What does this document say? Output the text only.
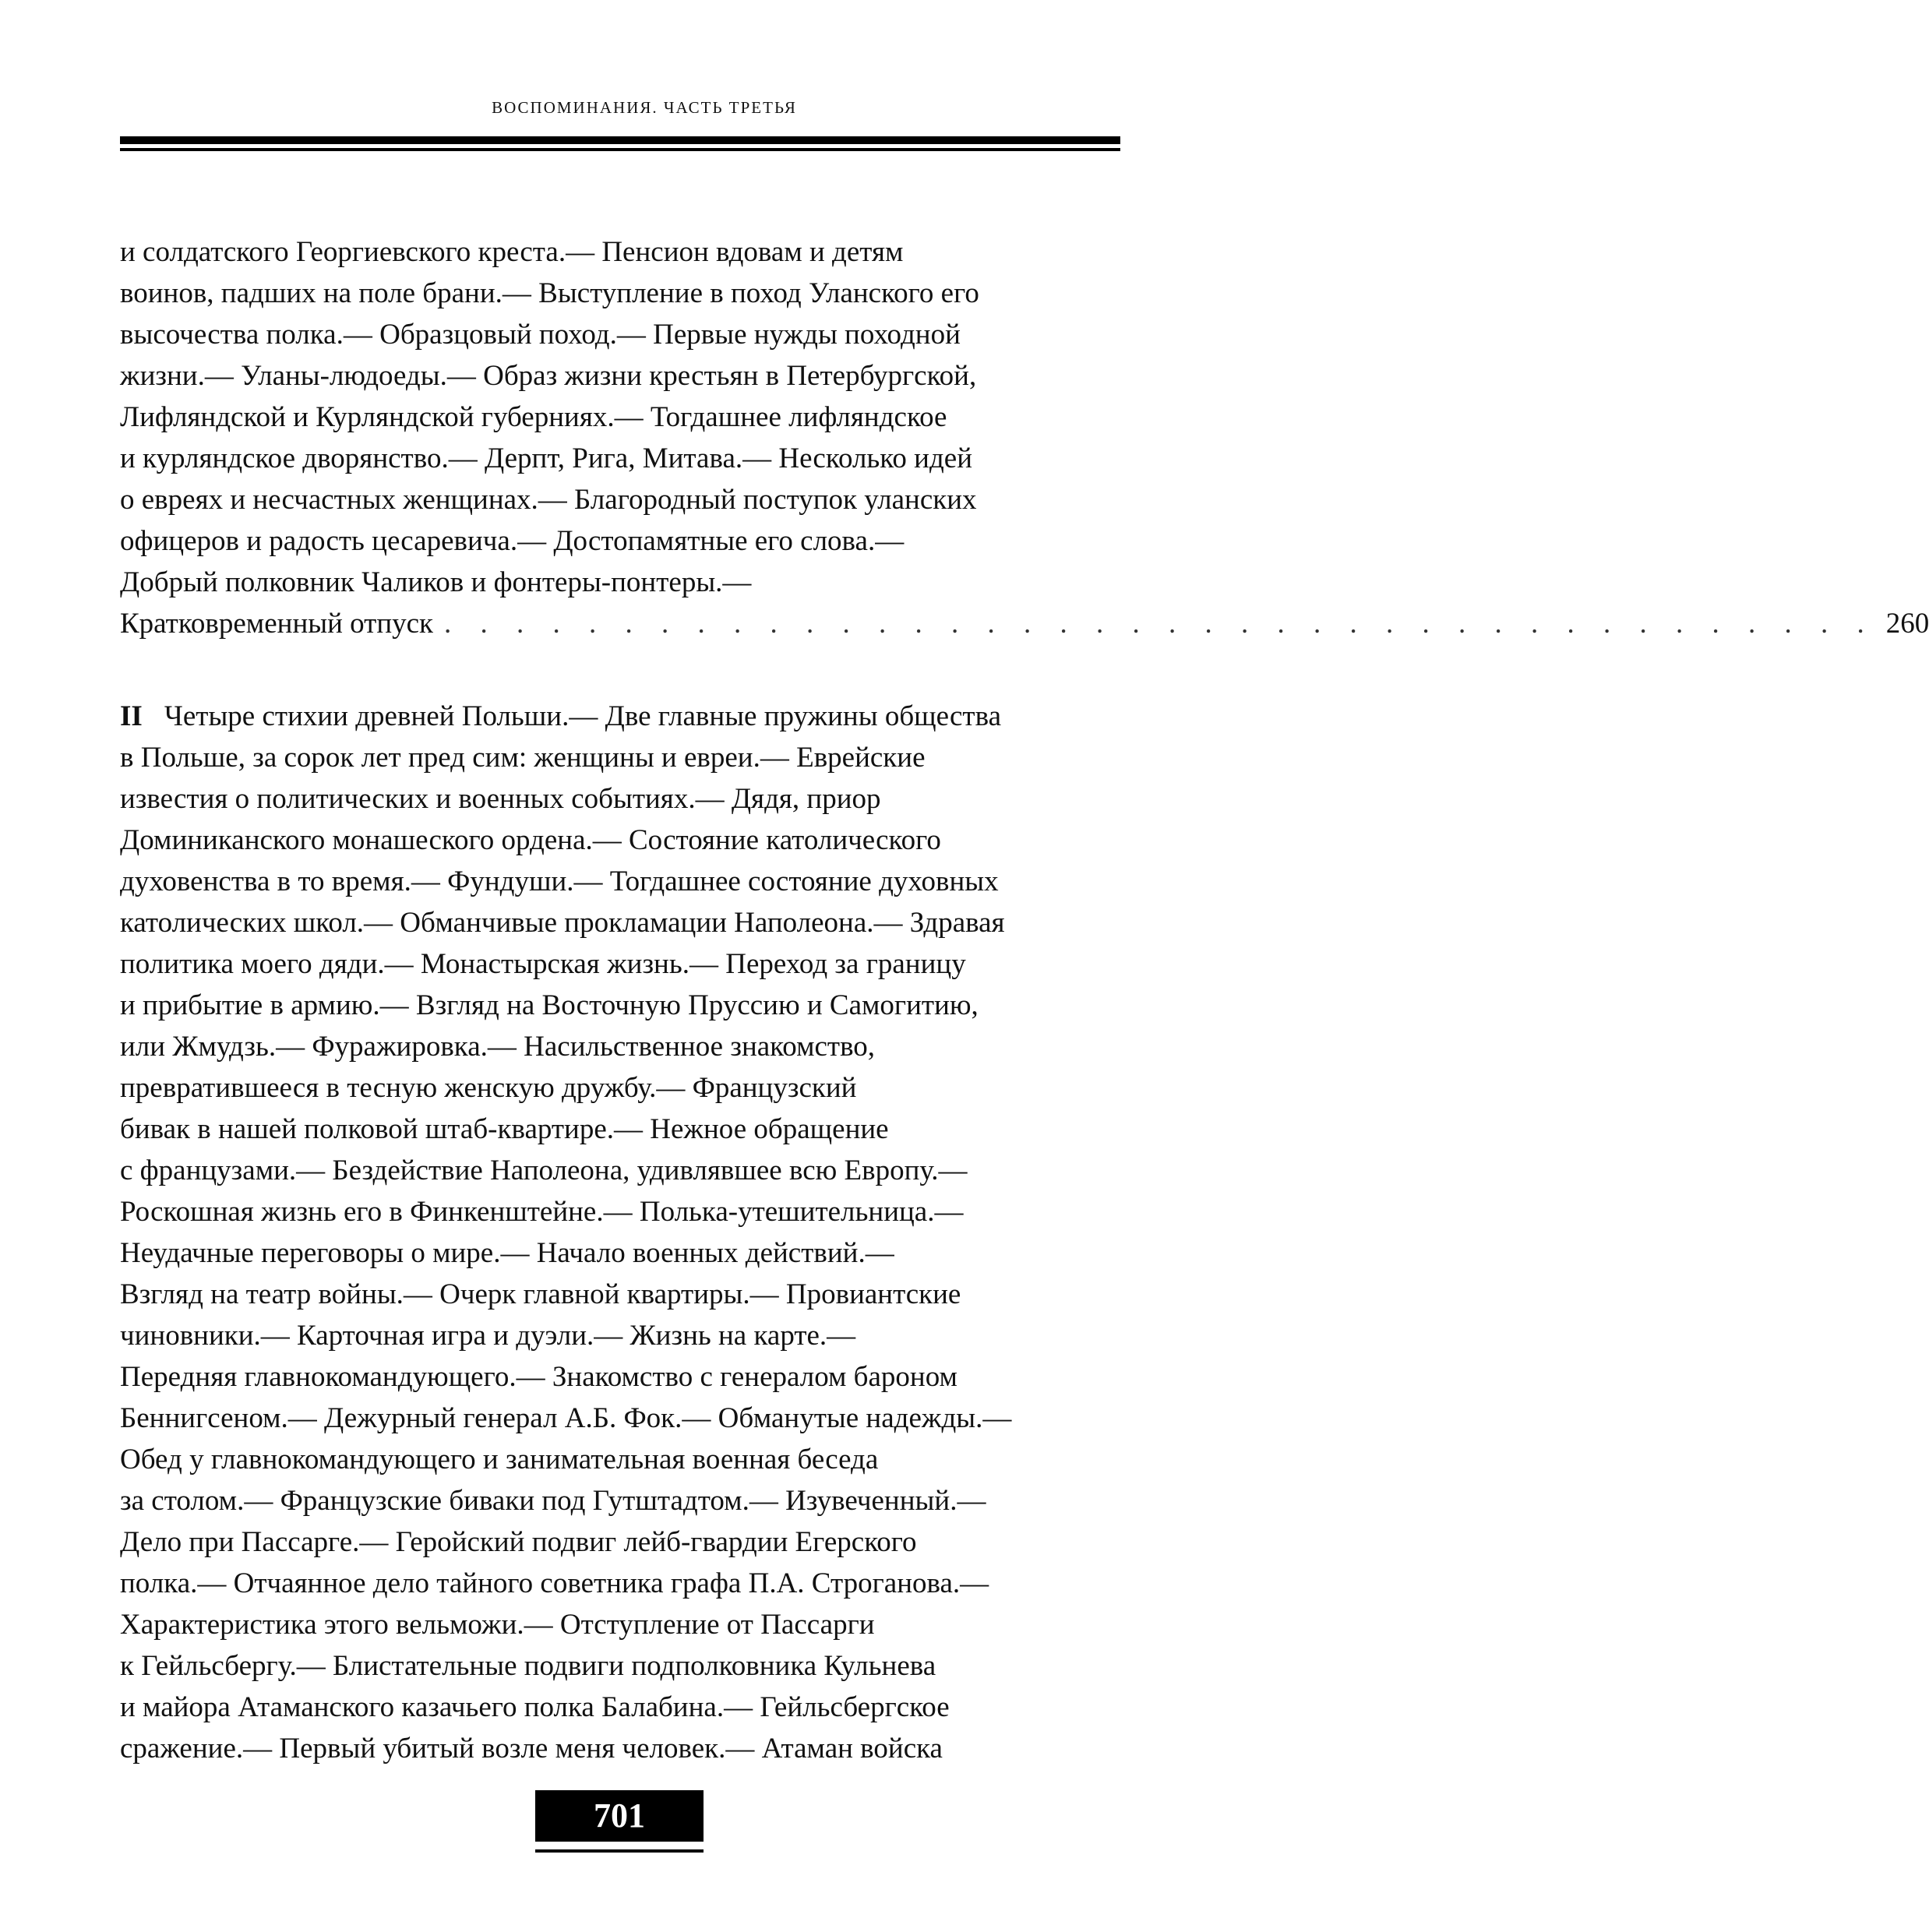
ВОСПОМИНАНИЯ. ЧАСТЬ ТРЕТЬЯ
и солдатского Георгиевского креста.— Пенсион вдовам и детям
воинов, падших на поле брани.— Выступление в поход Уланского его
высочества полка.— Образцовый поход.— Первые нужды походной
жизни.— Уланы-людоеды.— Образ жизни крестьян в Петербургской,
Лифляндской и Курляндской губерниях.— Тогдашнее лифляндское
и курляндское дворянство.— Дерпт, Рига, Митава.— Несколько идей
о евреях и несчастных женщинах.— Благородный поступок уланских
офицеров и радость цесаревича.— Достопамятные его слова.—
Добрый полковник Чаликов и фонтеры-понтеры.—
Кратковременный отпуск . . . . . . . . . . . . . . . . . . . . . . . . . . . . . . . . . . . . . . . . 260
II Четыре стихии древней Польши.— Две главные пружины общества
в Польше, за сорок лет пред сим: женщины и евреи.— Еврейские
известия о политических и военных событиях.— Дядя, приор
Доминиканского монашеского ордена.— Состояние католического
духовенства в то время.— Фундуши.— Тогдашнее состояние духовных
католических школ.— Обманчивые прокламации Наполеона.— Здравая
политика моего дяди.— Монастырская жизнь.— Переход за границу
и прибытие в армию.— Взгляд на Восточную Пруссию и Самогитию,
или Жмудзь.— Фуражировка.— Насильственное знакомство,
превратившееся в тесную женскую дружбу.— Французский
бивак в нашей полковой штаб-квартире.— Нежное обращение
с французами.— Бездействие Наполеона, удивлявшее всю Европу.—
Роскошная жизнь его в Финкенштейне.— Полька-утешительница.—
Неудачные переговоры о мире.— Начало военных действий.—
Взгляд на театр войны.— Очерк главной квартиры.— Провиантские
чиновники.— Карточная игра и дуэли.— Жизнь на карте.—
Передняя главнокомандующего.— Знакомство с генералом бароном
Беннигсеном.— Дежурный генерал А.Б. Фок.— Обманутые надежды.—
Обед у главнокомандующего и занимательная военная беседа
за столом.— Французские биваки под Гутштадтом.— Изувеченный.—
Дело при Пассарге.— Геройский подвиг лейб-гвардии Егерского
полка.— Отчаянное дело тайного советника графа П.А. Строганова.—
Характеристика этого вельможи.— Отступление от Пассарги
к Гейльсбергу.— Блистательные подвиги подполковника Кульнева
и майора Атаманского казачьего полка Балабина.— Гейльсбергское
сражение.— Первый убитый возле меня человек.— Атаман войска
701
